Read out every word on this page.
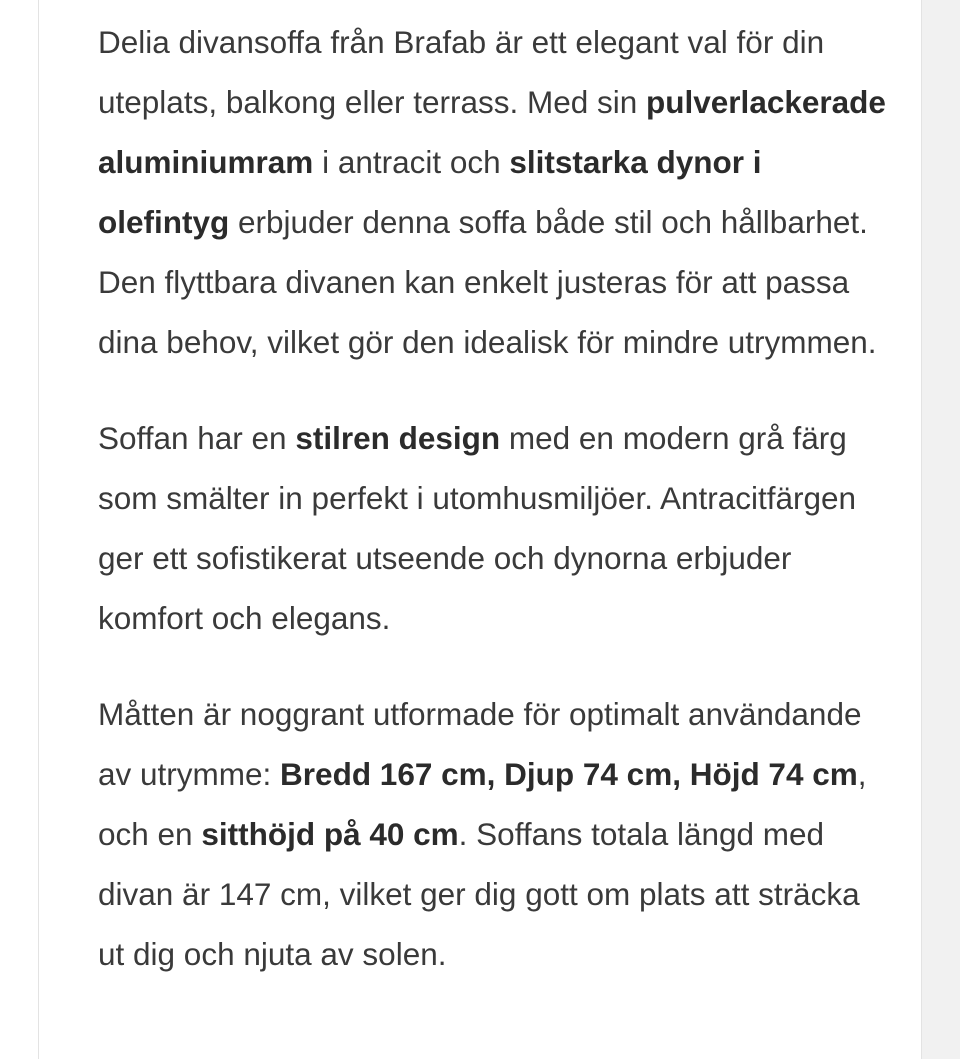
Delia divansoffa från Brafab är ett elegant val för din uteplats, balkong eller terrass. Med sin pulverlackerade aluminiumram i antracit och slitstarka dynor i olefintyg erbjuder denna soffa både stil och hållbarhet. Den flyttbara divanen kan enkelt justeras för att passa dina behov, vilket gör den idealisk för mindre utrymmen.

Soffan har en stilren design med en modern grå färg som smälter in perfekt i utomhusmiljöer. Antracitfärgen ger ett sofistikerat utseende och dynorna erbjuder komfort och elegans.

Måtten är noggrant utformade för optimalt användande av utrymme: Bredd 167 cm, Djup 74 cm, Höjd 74 cm, och en sitthöjd på 40 cm. Soffans totala längd med divan är 147 cm, vilket ger dig gott om plats att sträcka ut dig och njuta av solen.
